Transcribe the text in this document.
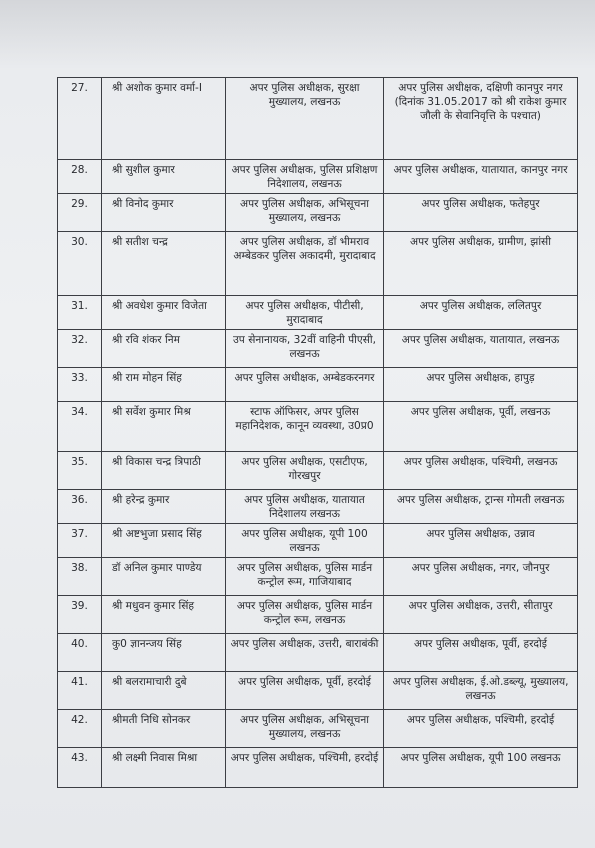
27.	श्री अशोक कुमार वर्मा-I	अपर पुलिस अधीक्षक, सुरक्षा मुख्यालय, लखनऊ	अपर पुलिस अधीक्षक, दक्षिणी कानपुर नगर (दिनांक 31.05.2017 को श्री राकेश कुमार जौली के सेवानिवृत्ति के पश्चात)
28.	श्री सुशील कुमार	अपर पुलिस अधीक्षक, पुलिस प्रशिक्षण निदेशालय, लखनऊ	अपर पुलिस अधीक्षक, यातायात, कानपुर नगर
29.	श्री विनोद कुमार	अपर पुलिस अधीक्षक, अभिसूचना मुख्यालय, लखनऊ	अपर पुलिस अधीक्षक, फतेहपुर
30.	श्री सतीश चन्द्र	अपर पुलिस अधीक्षक, डॉ भीमराव अम्बेडकर पुलिस अकादमी, मुरादाबाद	अपर पुलिस अधीक्षक, ग्रामीण, झांसी
31.	श्री अवधेश कुमार विजेता	अपर पुलिस अधीक्षक, पीटीसी, मुरादाबाद	अपर पुलिस अधीक्षक, ललितपुर
32.	श्री रवि शंकर निम	उप सेनानायक, 32वीं वाहिनी पीएसी, लखनऊ	अपर पुलिस अधीक्षक, यातायात, लखनऊ
33.	श्री राम मोहन सिंह	अपर पुलिस अधीक्षक, अम्बेडकरनगर	अपर पुलिस अधीक्षक, हापुड़
34.	श्री सर्वेश कुमार मिश्र	स्टाफ ऑफिसर, अपर पुलिस महानिदेशक, कानून व्यवस्था, उ0प्र0	अपर पुलिस अधीक्षक, पूर्वी, लखनऊ
35.	श्री विकास चन्द्र त्रिपाठी	अपर पुलिस अधीक्षक, एसटीएफ, गोरखपुर	अपर पुलिस अधीक्षक, पश्चिमी, लखनऊ
36.	श्री हरेन्द्र कुमार	अपर पुलिस अधीक्षक, यातायात निदेशालय लखनऊ	अपर पुलिस अधीक्षक, ट्रान्स गोमती लखनऊ
37.	श्री अष्टभुजा प्रसाद सिंह	अपर पुलिस अधीक्षक, यूपी 100 लखनऊ	अपर पुलिस अधीक्षक, उन्नाव
38.	डॉ अनिल कुमार पाण्डेय	अपर पुलिस अधीक्षक, पुलिस मार्डन कन्ट्रोल रूम, गाजियाबाद	अपर पुलिस अधीक्षक, नगर, जौनपुर
39.	श्री मधुवन कुमार सिंह	अपर पुलिस अधीक्षक, पुलिस मार्डन कन्ट्रोल रूम, लखनऊ	अपर पुलिस अधीक्षक, उत्तरी, सीतापुर
40.	कु0 ज्ञानन्जय सिंह	अपर पुलिस अधीक्षक, उत्तरी, बाराबंकी	अपर पुलिस अधीक्षक, पूर्वी, हरदोई
41.	श्री बलरामाचारी दुबे	अपर पुलिस अधीक्षक, पूर्वी, हरदोई	अपर पुलिस अधीक्षक, ई.ओ.डब्ल्यू, मुख्यालय, लखनऊ
42.	श्रीमती निधि सोनकर	अपर पुलिस अधीक्षक, अभिसूचना मुख्यालय, लखनऊ	अपर पुलिस अधीक्षक, पश्चिमी, हरदोई
43.	श्री लक्ष्मी निवास मिश्रा	अपर पुलिस अधीक्षक, पश्चिमी, हरदोई	अपर पुलिस अधीक्षक, यूपी 100 लखनऊ
